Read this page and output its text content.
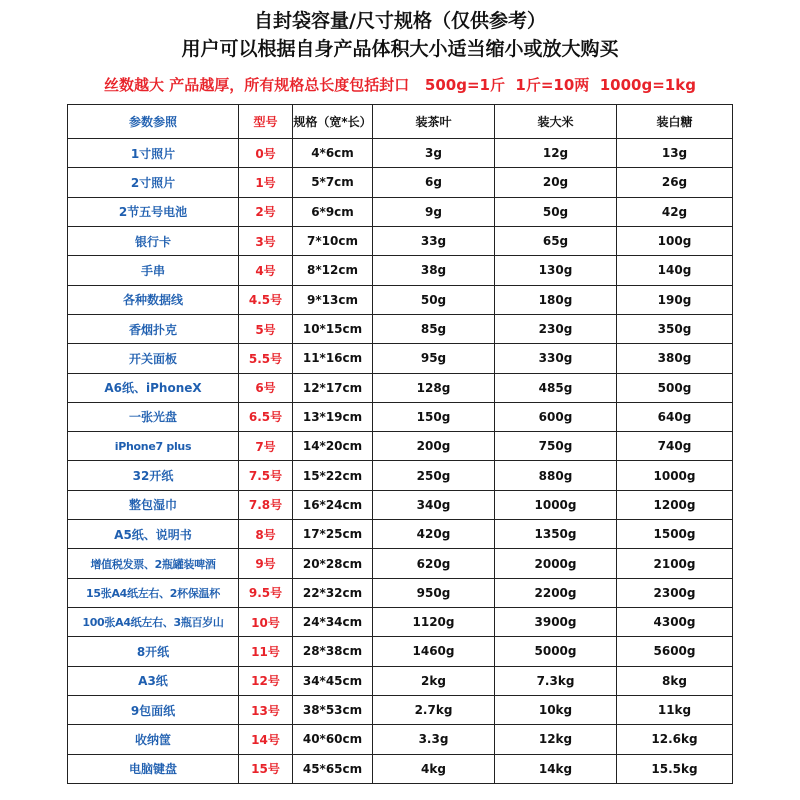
自封袋容量/尺寸规格（仅供参考）
用户可以根据自身产品体积大小适当缩小或放大购买
丝数越大 产品越厚，所有规格总长度包括封口   500g=1斤  1斤=10两  1000g=1kg
参数参照	型号	规格（宽*长）	装茶叶	装大米	装白糖
1寸照片	0号	4*6cm	3g	12g	13g
2寸照片	1号	5*7cm	6g	20g	26g
2节五号电池	2号	6*9cm	9g	50g	42g
银行卡	3号	7*10cm	33g	65g	100g
手串	4号	8*12cm	38g	130g	140g
各种数据线	4.5号	9*13cm	50g	180g	190g
香烟扑克	5号	10*15cm	85g	230g	350g
开关面板	5.5号	11*16cm	95g	330g	380g
A6纸、iPhoneX	6号	12*17cm	128g	485g	500g
一张光盘	6.5号	13*19cm	150g	600g	640g
iPhone7 plus	7号	14*20cm	200g	750g	740g
32开纸	7.5号	15*22cm	250g	880g	1000g
整包湿巾	7.8号	16*24cm	340g	1000g	1200g
A5纸、说明书	8号	17*25cm	420g	1350g	1500g
增值税发票、2瓶罐装啤酒	9号	20*28cm	620g	2000g	2100g
15张A4纸左右、2杯保温杯	9.5号	22*32cm	950g	2200g	2300g
100张A4纸左右、3瓶百岁山	10号	24*34cm	1120g	3900g	4300g
8开纸	11号	28*38cm	1460g	5000g	5600g
A3纸	12号	34*45cm	2kg	7.3kg	8kg
9包面纸	13号	38*53cm	2.7kg	10kg	11kg
收纳筐	14号	40*60cm	3.3g	12kg	12.6kg
电脑键盘	15号	45*65cm	4kg	14kg	15.5kg
